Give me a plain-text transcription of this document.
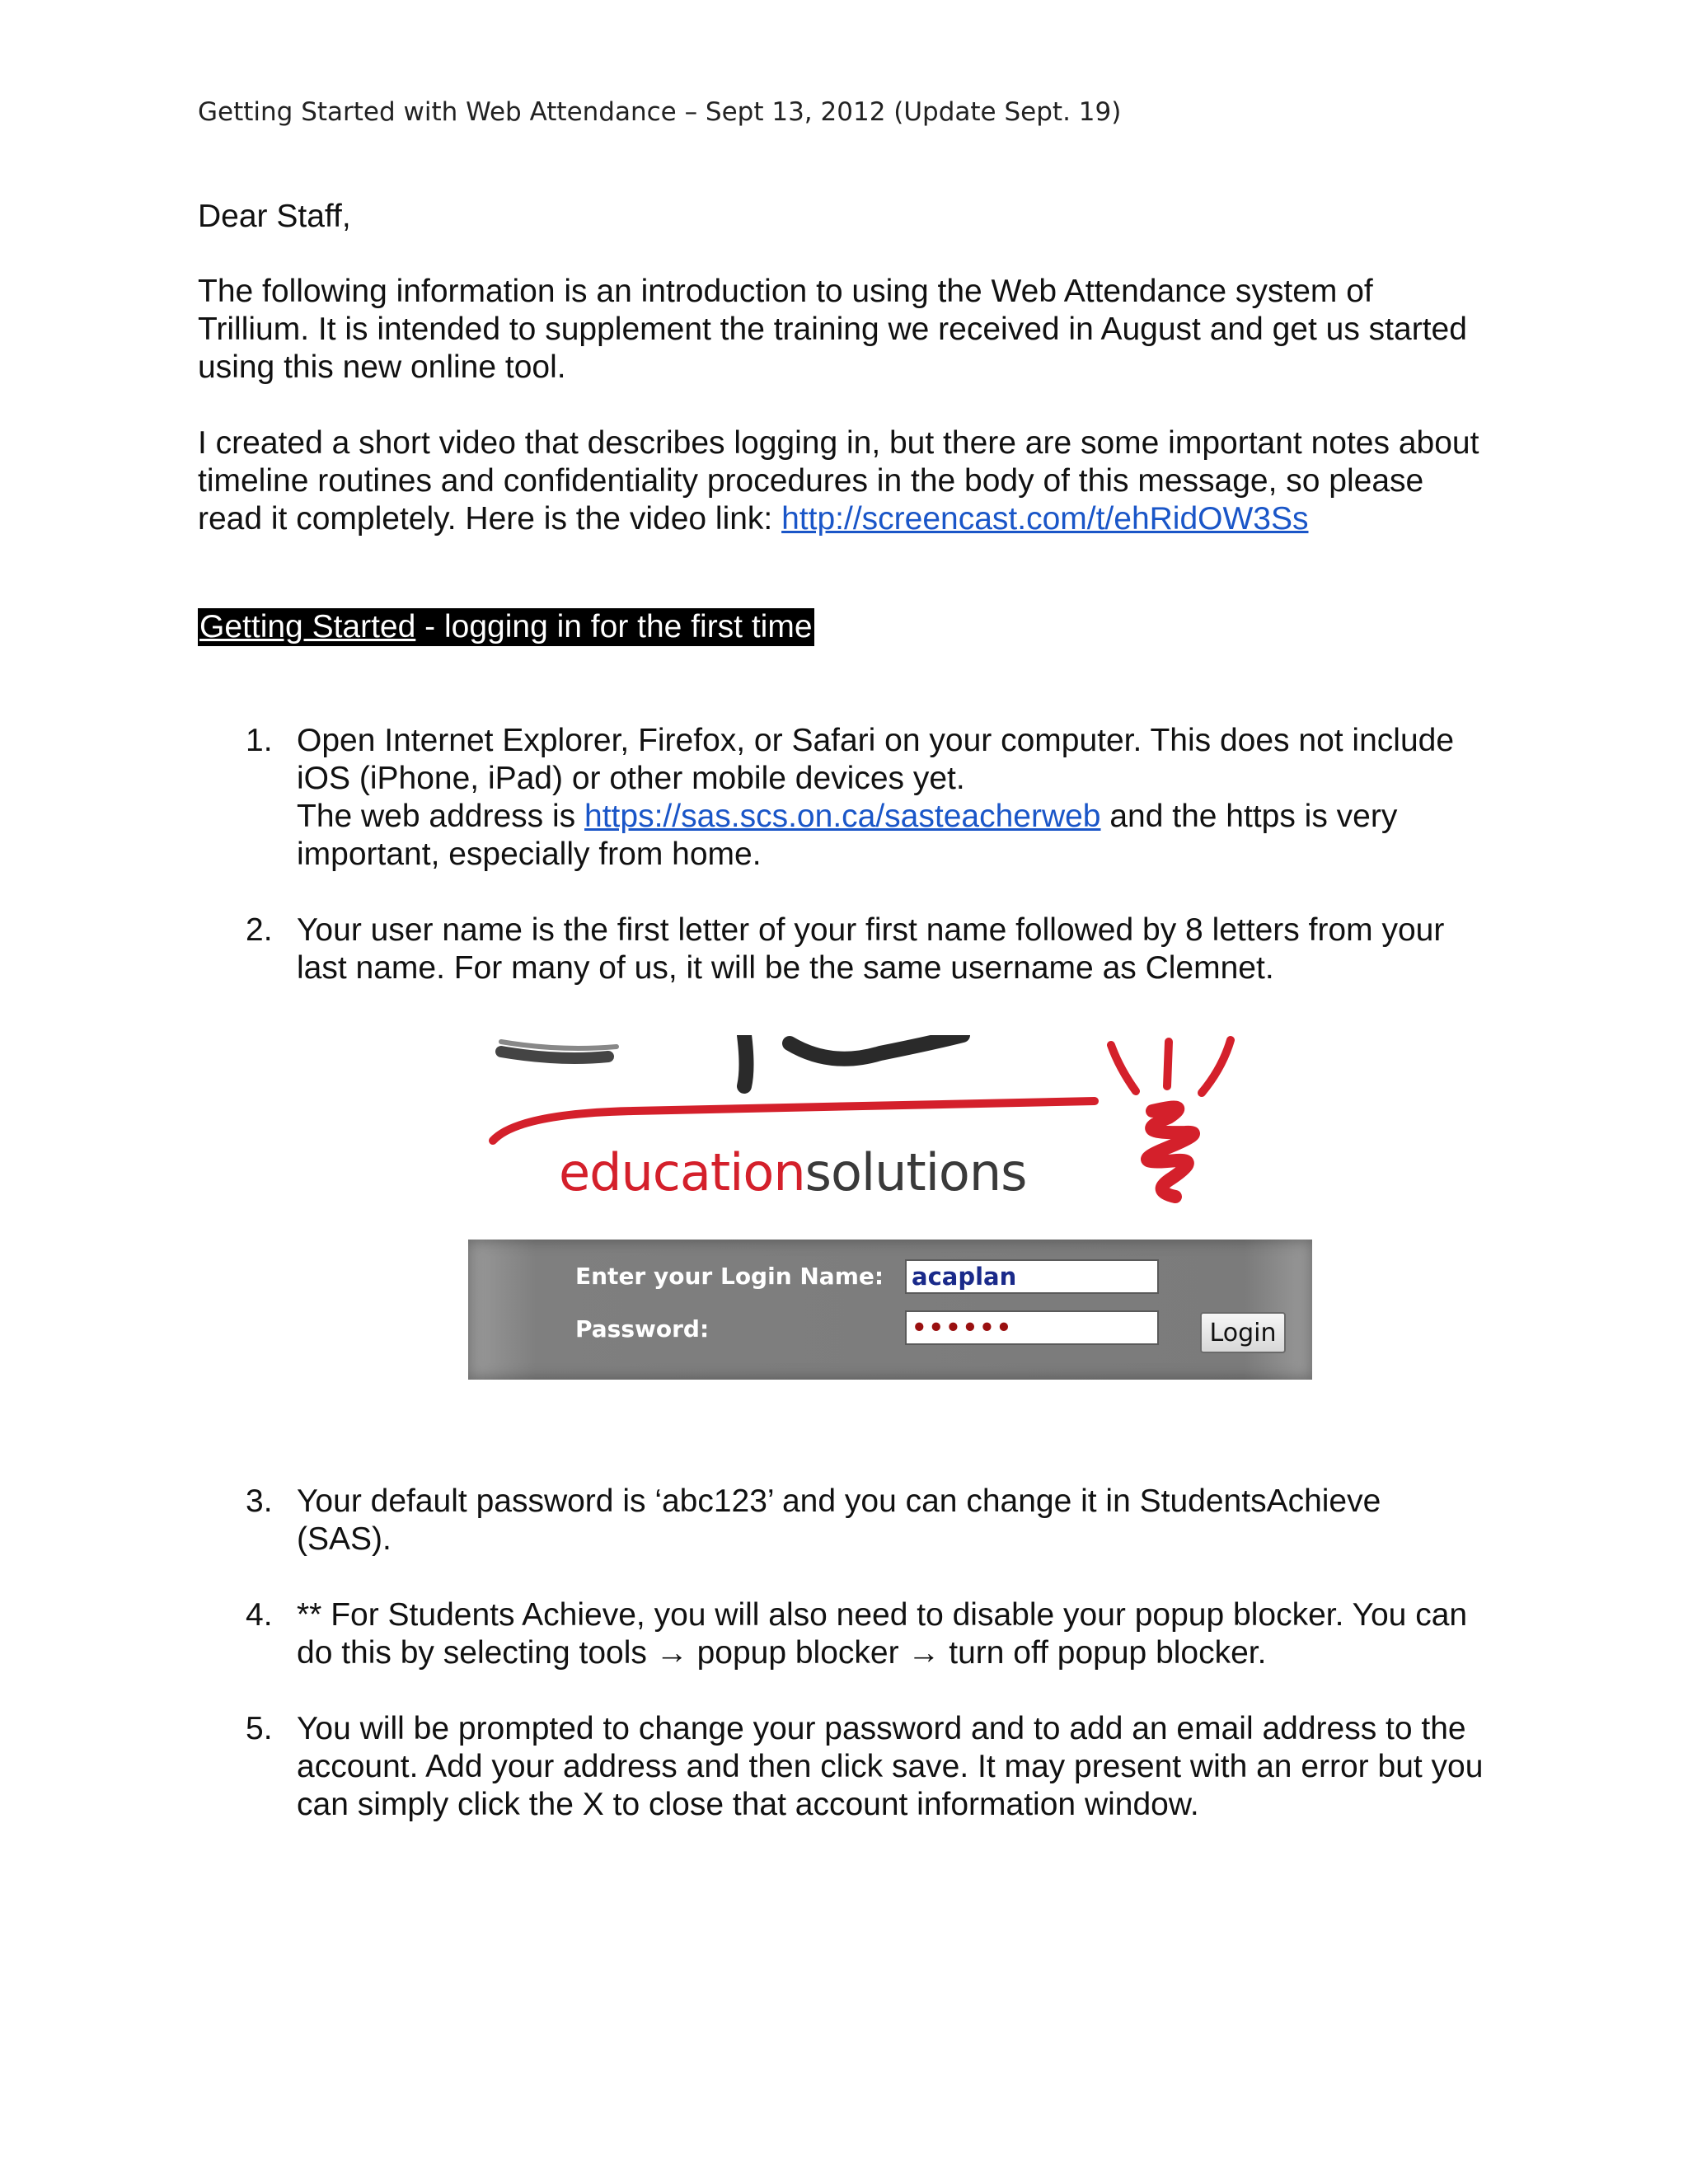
Getting Started with Web Attendance – Sept 13, 2012 (Update Sept. 19)

Dear Staff,

The following information is an introduction to using the Web Attendance system of Trillium. It is intended to supplement the training we received in August and get us started using this new online tool.

I created a short video that describes logging in, but there are some important notes about timeline routines and confidentiality procedures in the body of this message, so please read it completely. Here is the video link: http://screencast.com/t/ehRidOW3Ss

Getting Started - logging in for the first time
1. Open Internet Explorer, Firefox, or Safari on your computer. This does not include iOS (iPhone, iPad) or other mobile devices yet.
The web address is https://sas.scs.on.ca/sasteacherweb and the https is very important, especially from home.
2. Your user name is the first letter of your first name followed by 8 letters from your last name. For many of us, it will be the same username as Clemnet.
educationsolutions
Enter your Login Name:
acaplan
Password:
••••••	Login
3. Your default password is ‘abc123’ and you can change it in StudentsAchieve (SAS).
4. ** For Students Achieve, you will also need to disable your popup blocker. You can do this by selecting tools → popup blocker → turn off popup blocker.
5. You will be prompted to change your password and to add an email address to the account. Add your address and then click save. It may present with an error but you can simply click the X to close that account information window.
